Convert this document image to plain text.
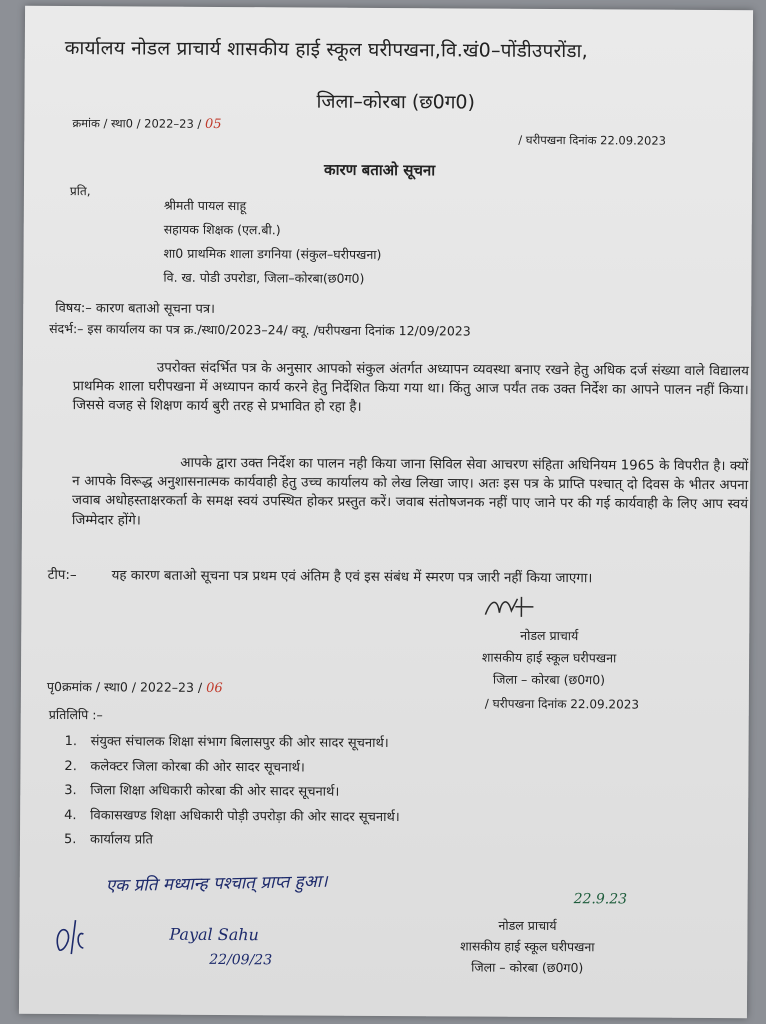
कार्यालय नोडल प्राचार्य शासकीय हाई स्कूल घरीपखना,वि.खं0–पोंडीउपरोंडा,
जिला–कोरबा (छ0ग0)
क्रमांक / स्था0 / 2022–23 / 05
/ घरीपखना दिनांक 22.09.2023
कारण बताओ सूचना
प्रति,
श्रीमती पायल साहू
सहायक शिक्षक (एल.बी.)
शा0 प्राथमिक शाला डगनिया (संकुल–घरीपखना)
वि. ख. पोडी उपरोडा, जिला–कोरबा(छ0ग0)
विषय:– कारण बताओ सूचना पत्र।
संदर्भ:– इस कार्यालय का पत्र क्र./स्था0/2023–24/ क्यू. /घरीपखना दिनांक 12/09/2023
उपरोक्त संदर्भित पत्र के अनुसार आपको संकुल अंतर्गत अध्यापन व्यवस्था बनाए रखने हेतु अधिक दर्ज संख्या वाले विद्यालय प्राथमिक शाला घरीपखना में अध्यापन कार्य करने हेतु निर्देशित किया गया था। किंतु आज पर्यंत तक उक्त निर्देश का आपने पालन नहीं किया। जिससे वजह से शिक्षण कार्य बुरी तरह से प्रभावित हो रहा है।
आपके द्वारा उक्त निर्देश का पालन नही किया जाना सिविल सेवा आचरण संहिता अधिनियम 1965 के विपरीत है। क्यों न आपके विरूद्ध अनुशासनात्मक कार्यवाही हेतु उच्च कार्यालय को लेख लिखा जाए। अतः इस पत्र के प्राप्ति पश्चात् दो दिवस के भीतर अपना जवाब अधोहस्ताक्षरकर्ता के समक्ष स्वयं उपस्थित होकर प्रस्तुत करें। जवाब संतोषजनक नहीं पाए जाने पर की गई कार्यवाही के लिए आप स्वयं जिम्मेदार होंगे।
टीप:–	यह कारण बताओ सूचना पत्र प्रथम एवं अंतिम है एवं इस संबंध में स्मरण पत्र जारी नहीं किया जाएगा।
नोडल प्राचार्य
शासकीय हाई स्कूल घरीपखना
जिला – कोरबा (छ0ग0)
पृ0क्रमांक / स्था0 / 2022–23 / 06
/ घरीपखना दिनांक 22.09.2023
प्रतिलिपि :–
1. संयुक्त संचालक शिक्षा संभाग बिलासपुर की ओर सादर सूचनार्थ।
2. कलेक्टर जिला कोरबा की ओर सादर सूचनार्थ।
3. जिला शिक्षा अधिकारी कोरबा की ओर सादर सूचनार्थ।
4. विकासखण्ड शिक्षा अधिकारी पोड़ी उपरोड़ा की ओर सादर सूचनार्थ।
5. कार्यालय प्रति
एक प्रति मध्यान्ह पश्चात् प्राप्त हुआ।
22.9.23
नोडल प्राचार्य
शासकीय हाई स्कूल घरीपखना
जिला – कोरबा (छ0ग0)
Payal Sahu
22/09/23
